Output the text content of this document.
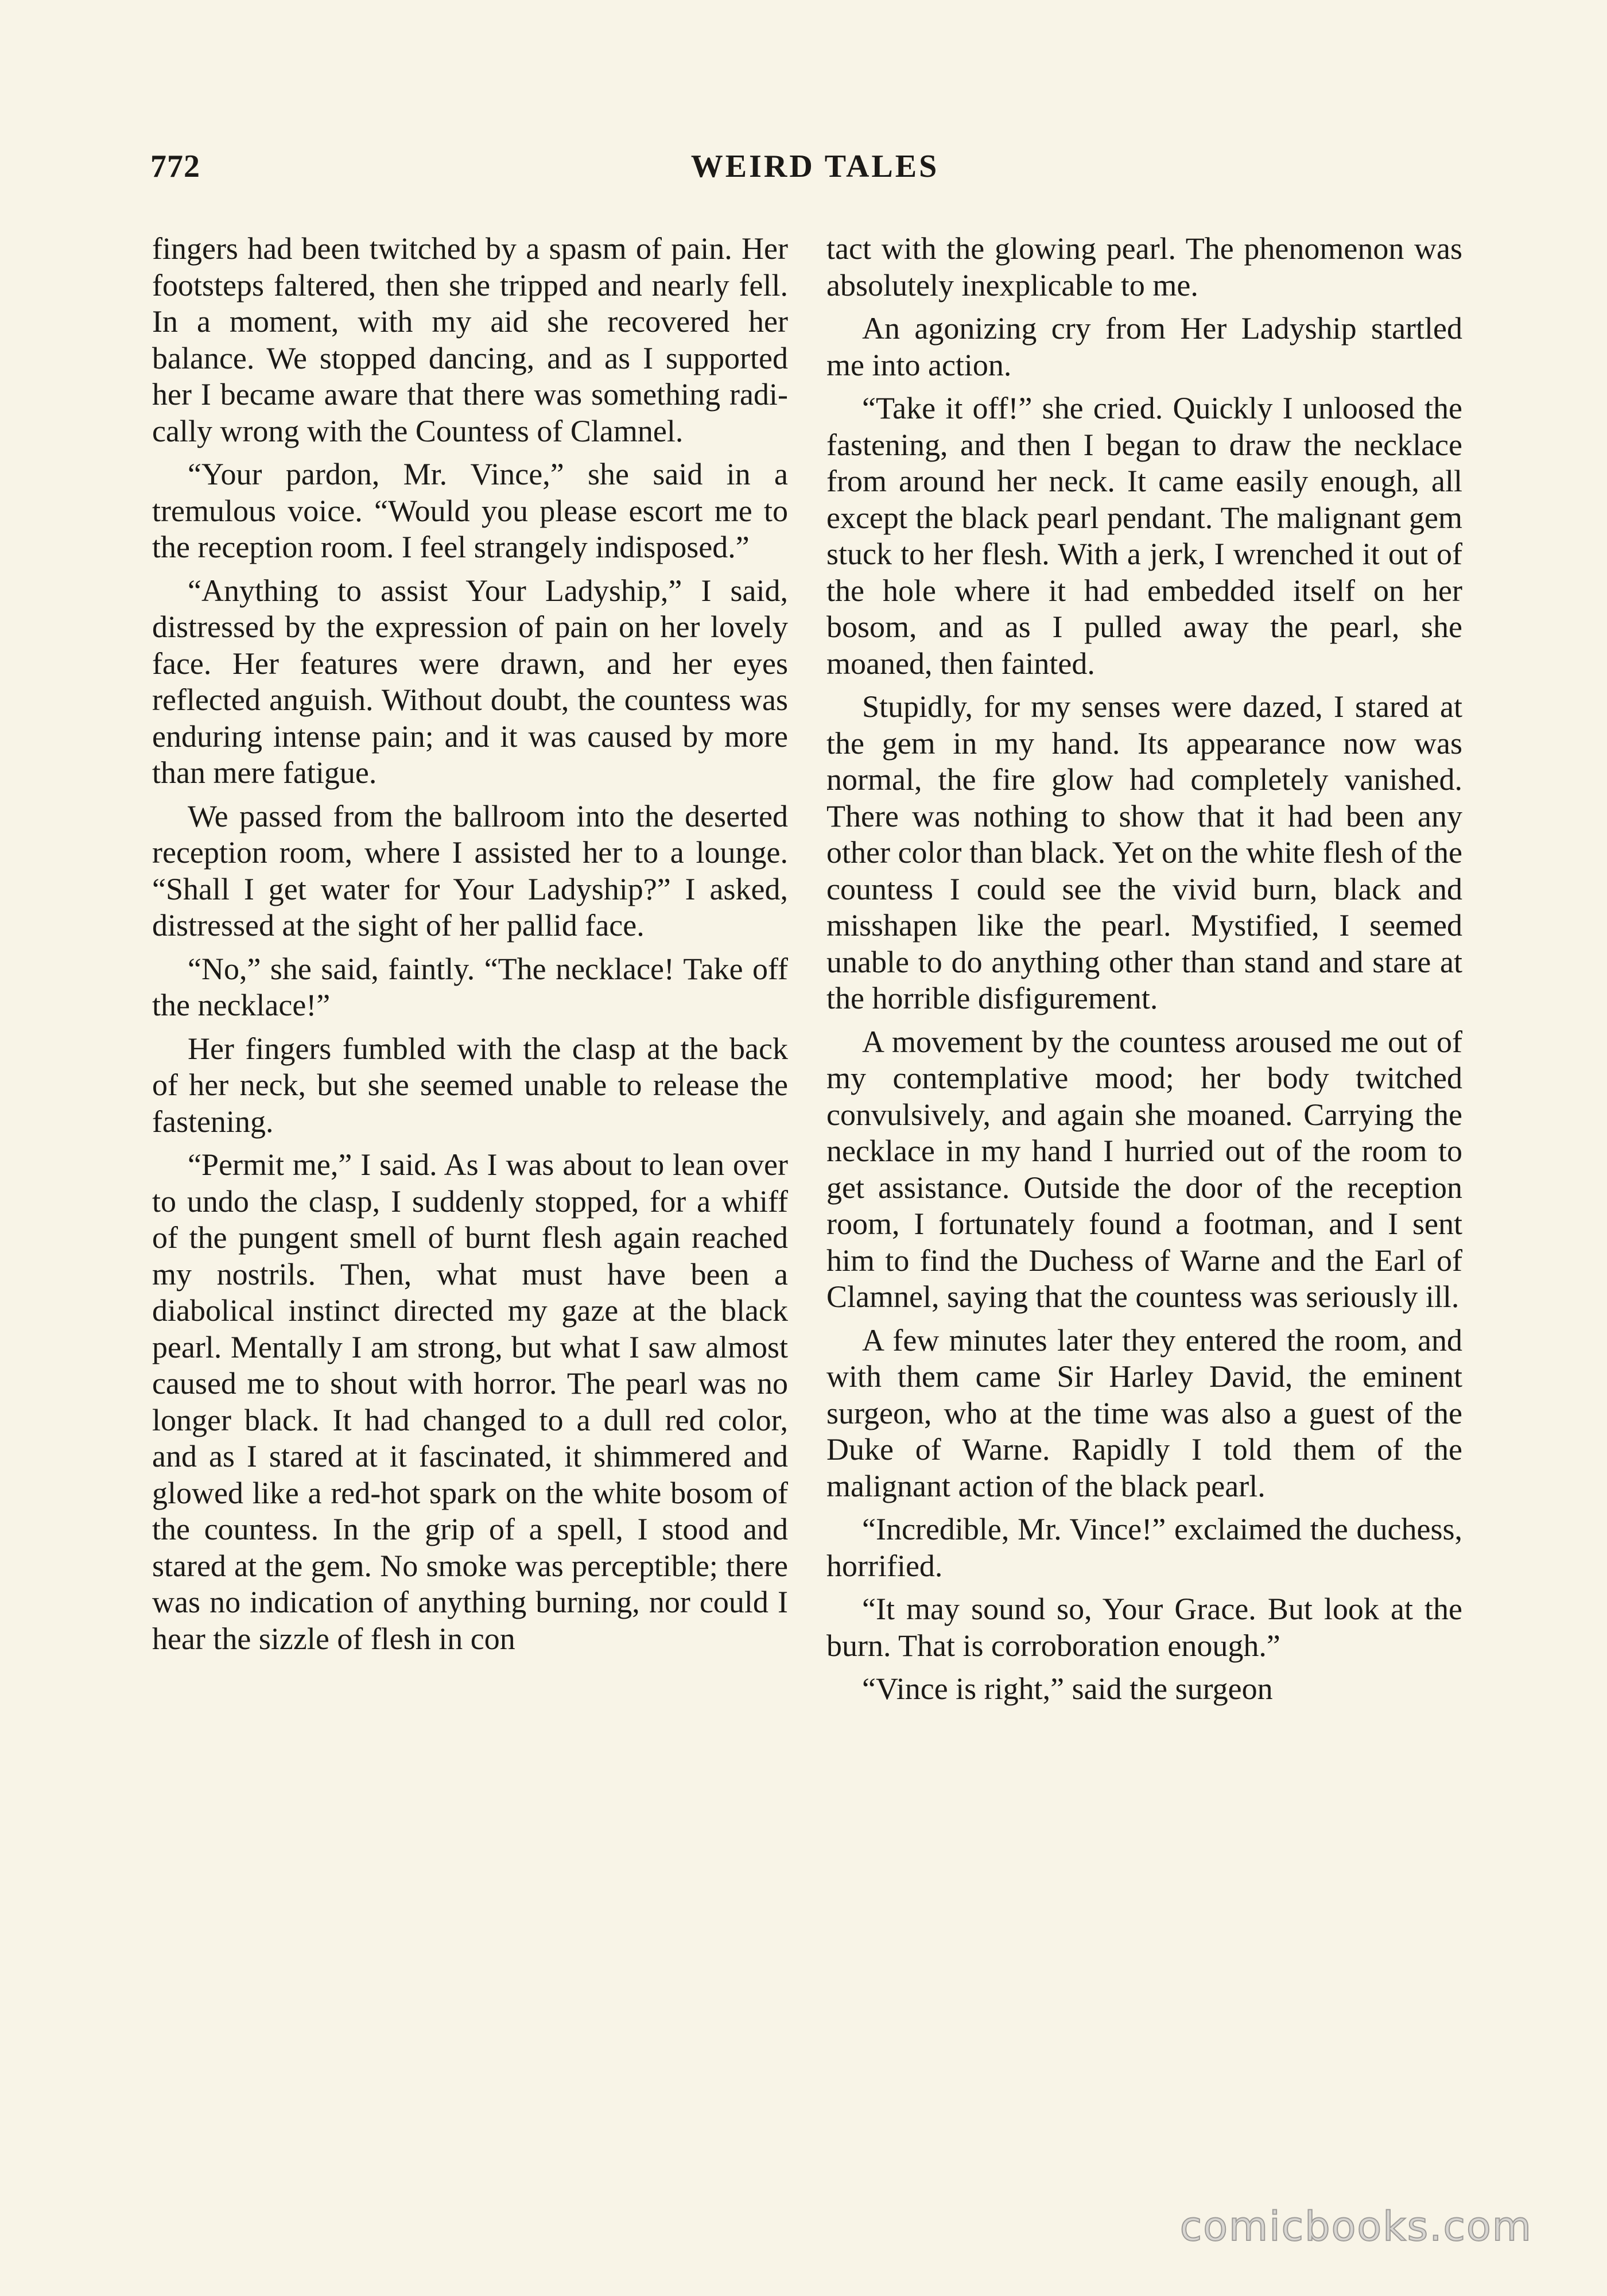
772	WEIRD TALES

fingers had been twitched by a spasm of pain. Her footsteps faltered, then she tripped and nearly fell. In a moment, with my aid she recovered her balance. We stopped dancing, and as I supported her I became aware that there was something radically wrong with the Countess of Clamnel.

“Your pardon, Mr. Vince,” she said in a tremulous voice. “Would you please escort me to the reception room. I feel strangely indisposed.”

“Anything to assist Your Ladyship,” I said, distressed by the expression of pain on her lovely face. Her features were drawn, and her eyes reflected anguish. Without doubt, the countess was enduring intense pain; and it was caused by more than mere fatigue.

We passed from the ballroom into the deserted reception room, where I assisted her to a lounge. “Shall I get water for Your Ladyship?” I asked, distressed at the sight of her pallid face.

“No,” she said, faintly. “The necklace! Take off the necklace!”

Her fingers fumbled with the clasp at the back of her neck, but she seemed unable to release the fastening.

“Permit me,” I said. As I was about to lean over to undo the clasp, I suddenly stopped, for a whiff of the pungent smell of burnt flesh again reached my nostrils. Then, what must have been a diabolical instinct directed my gaze at the black pearl. Mentally I am strong, but what I saw almost caused me to shout with horror. The pearl was no longer black. It had changed to a dull red color, and as I stared at it fascinated, it shimmered and glowed like a red-hot spark on the white bosom of the countess. In the grip of a spell, I stood and stared at the gem. No smoke was perceptible; there was no indication of anything burning, nor could I hear the sizzle of flesh in con

tact with the glowing pearl. The phenomenon was absolutely inexplicable to me.

An agonizing cry from Her Ladyship startled me into action.

“Take it off!” she cried. Quickly I unloosed the fastening, and then I began to draw the necklace from around her neck. It came easily enough, all except the black pearl pendant. The malignant gem stuck to her flesh. With a jerk, I wrenched it out of the hole where it had embedded itself on her bosom, and as I pulled away the pearl, she moaned, then fainted.

Stupidly, for my senses were dazed, I stared at the gem in my hand. Its appearance now was normal, the fire glow had completely vanished. There was nothing to show that it had been any other color than black. Yet on the white flesh of the countess I could see the vivid burn, black and misshapen like the pearl. Mystified, I seemed unable to do anything other than stand and stare at the horrible disfigurement.

A movement by the countess aroused me out of my contemplative mood; her body twitched convulsively, and again she moaned. Carrying the necklace in my hand I hurried out of the room to get assistance. Outside the door of the reception room, I fortunately found a footman, and I sent him to find the Duchess of Warne and the Earl of Clamnel, saying that the countess was seriously ill.

A few minutes later they entered the room, and with them came Sir Harley David, the eminent surgeon, who at the time was also a guest of the Duke of Warne. Rapidly I told them of the malignant action of the black pearl.

“Incredible, Mr. Vince!” exclaimed the duchess, horrified.

“It may sound so, Your Grace. But look at the burn. That is corroboration enough.”

“Vince is right,” said the surgeon

comicbooks.com
